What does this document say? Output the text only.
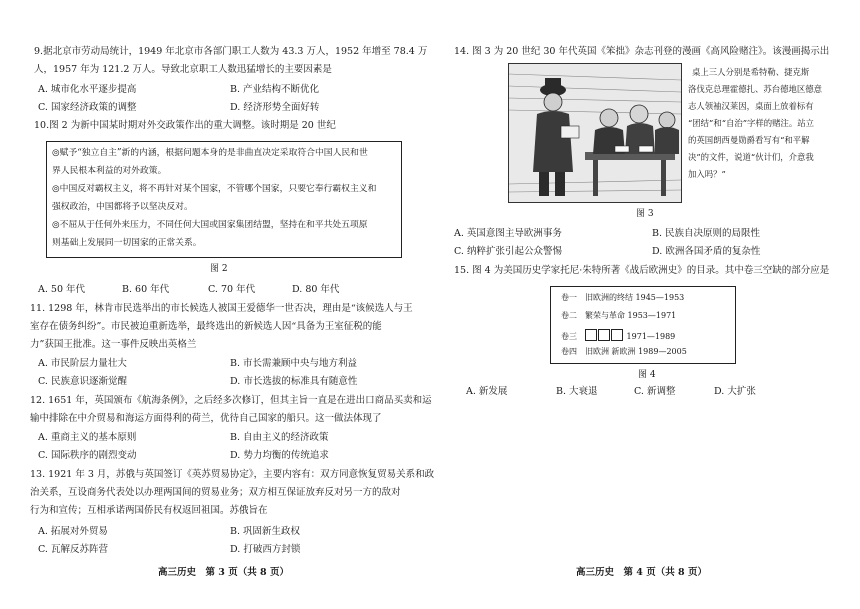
9.据北京市劳动局统计，1949 年北京市各部门职工人数为 43.3 万人，1952 年增至 78.4 万
人，1957 年为 121.2 万人。导致北京职工人数迅猛增长的主要因素是
A. 城市化水平逐步提高	B. 产业结构不断优化
C. 国家经济政策的调整	D. 经济形势全面好转
10.图 2 为新中国某时期对外交政策作出的重大调整。该时期是 20 世纪
◎赋予“独立自主”新的内涵，根据问题本身的是非曲直决定采取符合中国人民和世
界人民根本利益的对外政策。
◎中国反对霸权主义，将不再针对某个国家，不管哪个国家，只要它奉行霸权主义和
强权政治，中国都将予以坚决反对。
◎不屈从于任何外来压力，不同任何大国或国家集团结盟，坚持在和平共处五项原
则基础上发展同一切国家的正常关系。
图 2
A. 50 年代	B. 60 年代	C. 70 年代	D. 80 年代
11. 1298 年，林肯市民选举出的市长候选人被国王爱德华一世否决，理由是“该候选人与王
室存在债务纠纷”。市民被迫重新选举，最终选出的新候选人因“具备为王室征税的能
力”获国王批准。这一事件反映出英格兰
A. 市民阶层力量壮大	B. 市长需兼顾中央与地方利益
C. 民族意识逐渐觉醒	D. 市长选拔的标准具有随意性
12. 1651 年，英国颁布《航海条例》，之后经多次修订，但其主旨一直是在进出口商品买卖和运
输中排除在中介贸易和海运方面得利的荷兰，优待自己国家的船只。这一做法体现了
A. 重商主义的基本原则	B. 自由主义的经济政策
C. 国际秩序的剧烈变动	D. 势力均衡的传统追求
13. 1921 年 3 月，苏俄与英国签订《英苏贸易协定》，主要内容有：双方同意恢复贸易关系和政
治关系，互设商务代表处以办理两国间的贸易业务；双方相互保证放弃反对另一方的敌对
行为和宣传；互相承诺两国侨民有权返回祖国。苏俄旨在
A. 拓展对外贸易	B. 巩固新生政权
C. 瓦解反苏阵营	D. 打破西方封锁
高三历史　第 3 页（共 8 页）
14. 图 3 为 20 世纪 30 年代英国《笨拙》杂志刊登的漫画《高风险赌注》。该漫画揭示出
桌上三人分别是希特勒、捷克斯
洛伐克总理霍德扎、苏台德地区德意
志人领袖汉莱因，桌面上放着标有
“团结”和“自治”字样的赌注。站立
的英国朗西曼勋爵看写有“和平解
决”的文件，说道“伙计们，介意我
加入吗？”
图 3
A. 英国意图主导欧洲事务	B. 民族自决原则的局限性
C. 纳粹扩张引起公众警惕	D. 欧洲各国矛盾的复杂性
15. 图 4 为美国历史学家托尼·朱特所著《战后欧洲史》的目录。其中卷三空缺的部分应是
卷一　 旧欧洲的终结 1945—1953
卷二　 繁荣与革命 1953—1971
卷三　	1971—1989
卷四　 旧欧洲 新欧洲 1989—2005
图 4
A. 新发展	B. 大衰退	C. 新调整	D. 大扩张
高三历史　第 4 页（共 8 页）
